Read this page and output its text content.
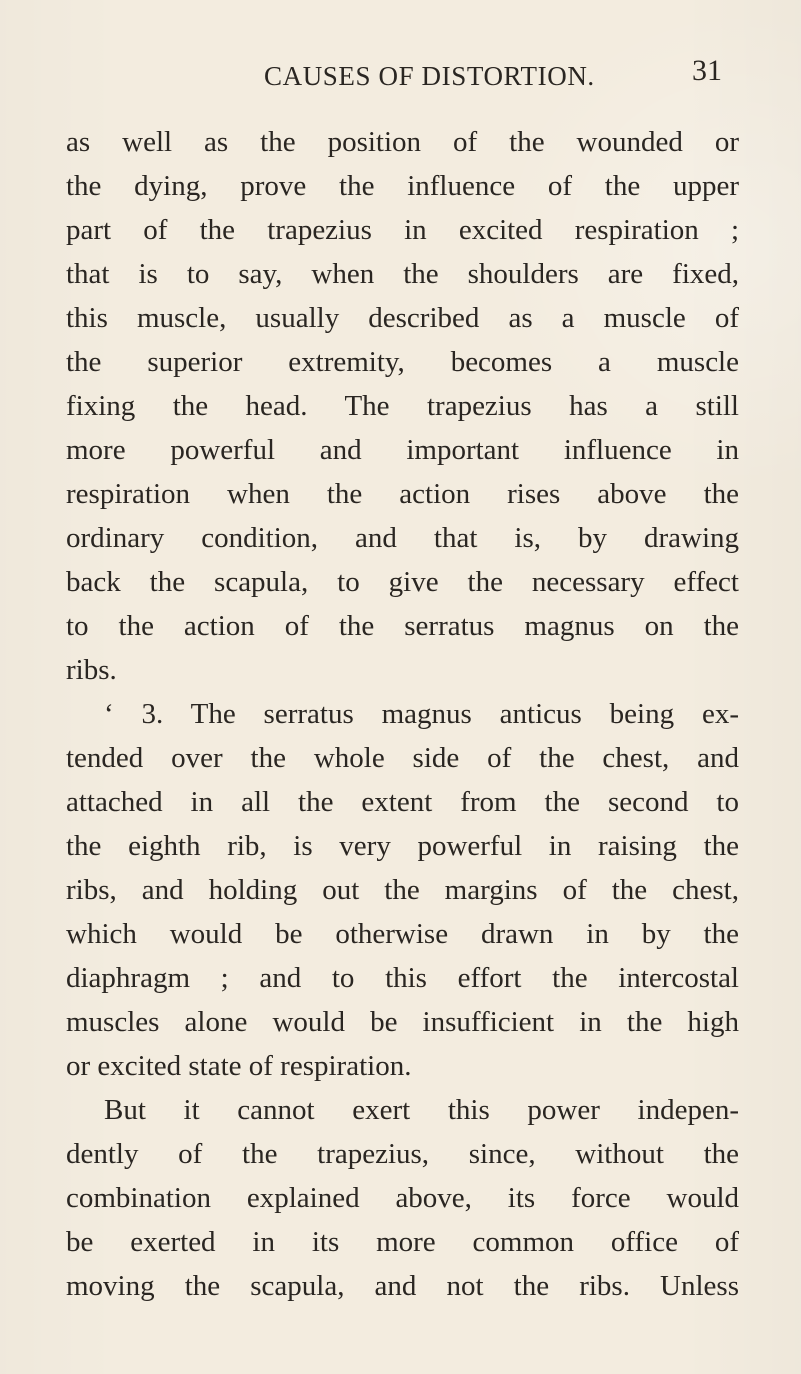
CAUSES OF DISTORTION.	31
as well as the position of the wounded or
the dying, prove the influence of the upper
part of the trapezius in excited respiration ;
that is to say, when the shoulders are fixed,
this muscle, usually described as a muscle of
the superior extremity, becomes a muscle
fixing the head. The trapezius has a still
more powerful and important influence in
respiration when the action rises above the
ordinary condition, and that is, by drawing
back the scapula, to give the necessary effect
to the action of the serratus magnus on the
ribs.
‘ 3. The serratus magnus anticus being ex-
tended over the whole side of the chest, and
attached in all the extent from the second to
the eighth rib, is very powerful in raising the
ribs, and holding out the margins of the chest,
which would be otherwise drawn in by the
diaphragm ; and to this effort the intercostal
muscles alone would be insufficient in the high
or excited state of respiration.
But it cannot exert this power indepen-
dently of the trapezius, since, without the
combination explained above, its force would
be exerted in its more common office of
moving the scapula, and not the ribs. Unless
